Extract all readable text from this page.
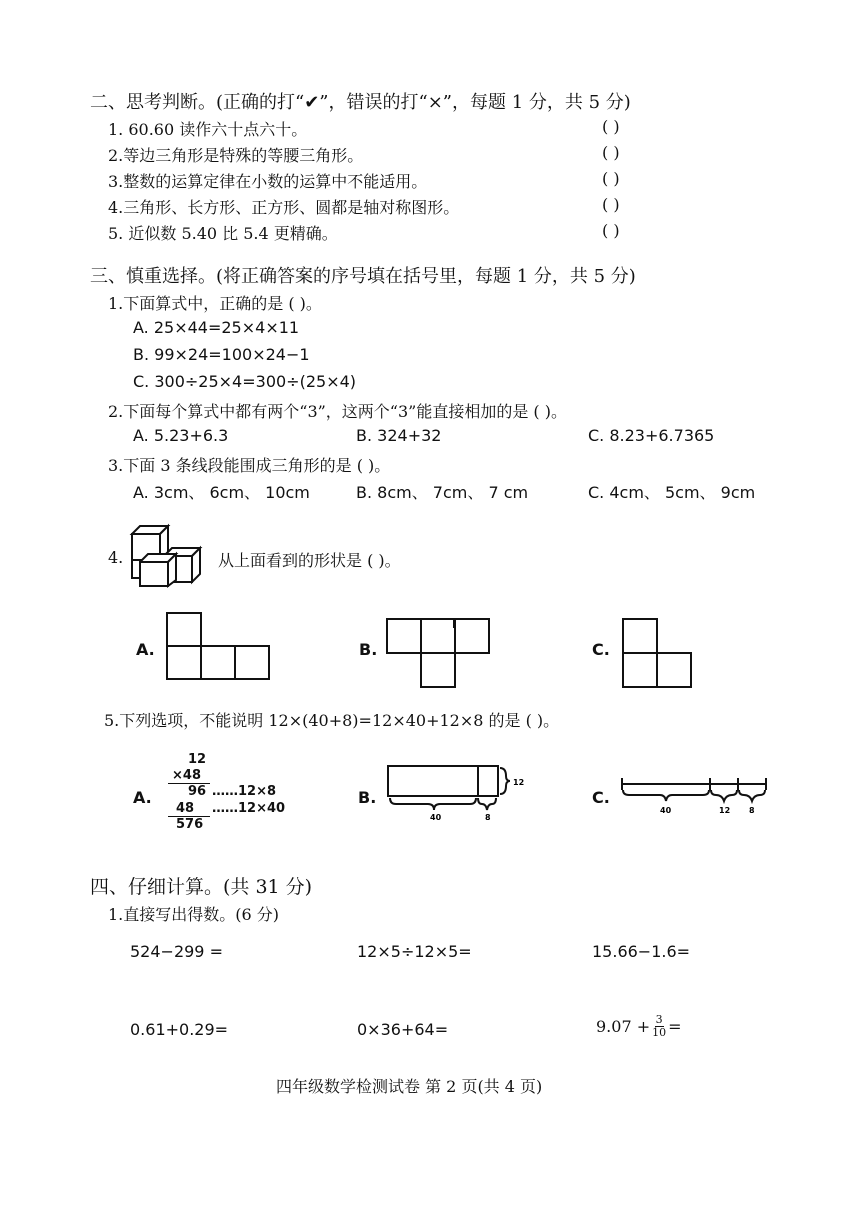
二、思考判断。(正确的打“✔”，错误的打“×”，每题 1 分，共 5 分)
1. 60.60 读作六十点六十。	( )
2.等边三角形是特殊的等腰三角形。	( )
3.整数的运算定律在小数的运算中不能适用。	( )
4.三角形、长方形、正方形、圆都是轴对称图形。	( )
5. 近似数 5.40 比 5.4 更精确。	( )
三、慎重选择。(将正确答案的序号填在括号里，每题 1 分，共 5 分)
1.下面算式中，正确的是 ( )。
A. 25×44=25×4×11
B. 99×24=100×24−1
C. 300÷25×4=300÷(25×4)
2.下面每个算式中都有两个“3”，这两个“3”能直接相加的是 ( )。
A. 5.23+6.3	B. 324+32	C. 8.23+6.7365
3.下面 3 条线段能围成三角形的是 ( )。
A. 3cm、 6cm、 10cm	B. 8cm、 7cm、 7 cm	C. 4cm、 5cm、 9cm
4.	从上面看到的形状是 ( )。
A.	B.	C.
5.下列选项，不能说明 12×(40+8)=12×40+12×8 的是 ( )。
A.
12
×48
96 ……12×8
48 ……12×40
576
B.
12
40	8
C.
40	12 8
四、仔细计算。(共 31 分)
1.直接写出得数。(6 分)
524−299 =	12×5÷12×5=	15.66−1.6=
0.61+0.29=	0×36+64=	$9.07 + \frac{3}{10}$ =
四年级数学检测试卷 第 2 页(共 4 页)
